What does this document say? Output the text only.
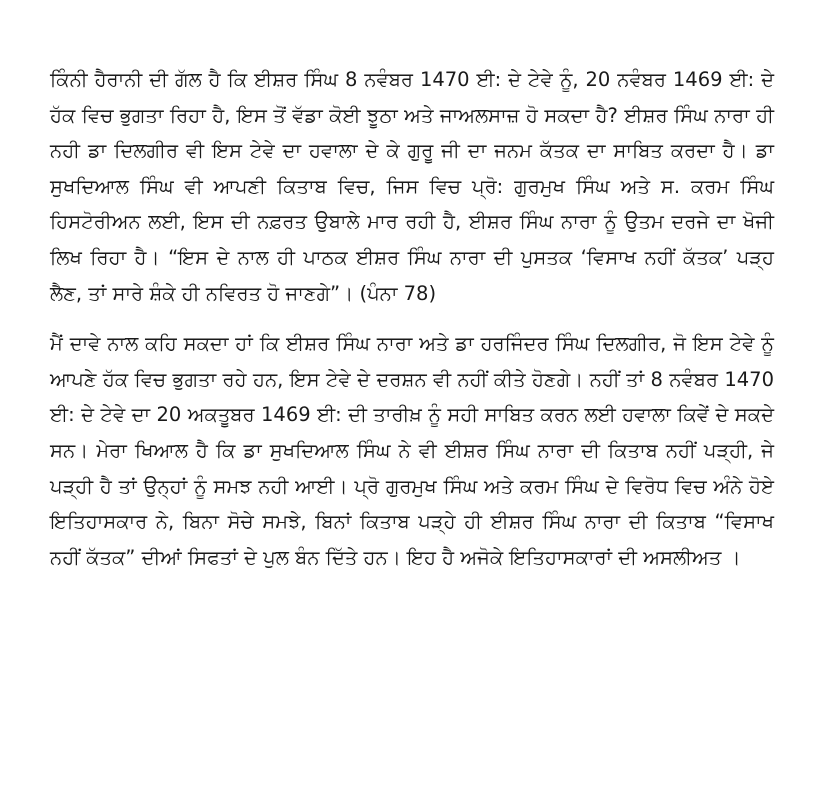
ਕਿੰਨੀ ਹੈਰਾਨੀ ਦੀ ਗੱਲ ਹੈ ਕਿ ਈਸ਼ਰ ਸਿੰਘ 8 ਨਵੰਬਰ 1470 ਈ: ਦੇ ਟੇਵੇ ਨੂੰ, 20 ਨਵੰਬਰ 1469 ਈ: ਦੇ ਹੱਕ ਵਿਚ ਭੁਗਤਾ ਰਿਹਾ ਹੈ, ਇਸ ਤੋਂ ਵੱਡਾ ਕੋਈ ਝੂਠਾ ਅਤੇ ਜਾਅਲਸਾਜ਼ ਹੋ ਸਕਦਾ ਹੈ? ਈਸ਼ਰ ਸਿੰਘ ਨਾਰਾ ਹੀ ਨਹੀ ਡਾ ਦਿਲਗੀਰ ਵੀ ਇਸ ਟੇਵੇ ਦਾ ਹਵਾਲਾ ਦੇ ਕੇ ਗੁਰੂ ਜੀ ਦਾ ਜਨਮ ਕੱਤਕ ਦਾ ਸਾਬਿਤ ਕਰਦਾ ਹੈ। ਡਾ ਸੁਖਦਿਆਲ ਸਿੰਘ ਵੀ ਆਪਣੀ ਕਿਤਾਬ ਵਿਚ, ਜਿਸ ਵਿਚ ਪ੍ਰੋ: ਗੁਰਮੁਖ ਸਿੰਘ ਅਤੇ ਸ. ਕਰਮ ਸਿੰਘ ਹਿਸਟੋਰੀਅਨ ਲਈ, ਇਸ ਦੀ ਨਫ਼ਰਤ ਉਬਾਲੇ ਮਾਰ ਰਹੀ ਹੈ, ਈਸ਼ਰ ਸਿੰਘ ਨਾਰਾ ਨੂੰ ਉਤਮ ਦਰਜੇ ਦਾ ਖੋਜੀ ਲਿਖ ਰਿਹਾ ਹੈ। “ਇਸ ਦੇ ਨਾਲ ਹੀ ਪਾਠਕ ਈਸ਼ਰ ਸਿੰਘ ਨਾਰਾ ਦੀ ਪੁਸਤਕ ‘ਵਿਸਾਖ ਨਹੀਂ ਕੱਤਕ’ ਪੜ੍ਹ ਲੈਣ, ਤਾਂ ਸਾਰੇ ਸ਼ੰਕੇ ਹੀ ਨਵਿਰਤ ਹੋ ਜਾਣਗੇ”। (ਪੰਨਾ 78)

ਮੈਂ ਦਾਵੇ ਨਾਲ ਕਹਿ ਸਕਦਾ ਹਾਂ ਕਿ ਈਸ਼ਰ ਸਿੰਘ ਨਾਰਾ ਅਤੇ ਡਾ ਹਰਜਿੰਦਰ ਸਿੰਘ ਦਿਲਗੀਰ, ਜੋ ਇਸ ਟੇਵੇ ਨੂੰ ਆਪਣੇ ਹੱਕ ਵਿਚ ਭੁਗਤਾ ਰਹੇ ਹਨ, ਇਸ ਟੇਵੇ ਦੇ ਦਰਸ਼ਨ ਵੀ ਨਹੀਂ ਕੀਤੇ ਹੋਣਗੇ। ਨਹੀਂ ਤਾਂ 8 ਨਵੰਬਰ 1470 ਈ: ਦੇ ਟੇਵੇ ਦਾ 20 ਅਕਤੂਬਰ 1469 ਈ: ਦੀ ਤਾਰੀਖ਼ ਨੂੰ ਸਹੀ ਸਾਬਿਤ ਕਰਨ ਲਈ ਹਵਾਲਾ ਕਿਵੇਂ ਦੇ ਸਕਦੇ ਸਨ। ਮੇਰਾ ਖਿਆਲ ਹੈ ਕਿ ਡਾ ਸੁਖਦਿਆਲ ਸਿੰਘ ਨੇ ਵੀ ਈਸ਼ਰ ਸਿੰਘ ਨਾਰਾ ਦੀ ਕਿਤਾਬ ਨਹੀਂ ਪੜ੍ਹੀ, ਜੇ ਪੜ੍ਹੀ ਹੈ ਤਾਂ ਉਨ੍ਹਾਂ ਨੂੰ ਸਮਝ ਨਹੀ ਆਈ। ਪ੍ਰੋ ਗੁਰਮੁਖ ਸਿੰਘ ਅਤੇ ਕਰਮ ਸਿੰਘ ਦੇ ਵਿਰੋਧ ਵਿਚ ਅੰਨੇ ਹੋਏ ਇਤਿਹਾਸਕਾਰ ਨੇ, ਬਿਨਾ ਸੋਚੇ ਸਮਝੇ, ਬਿਨਾਂ ਕਿਤਾਬ ਪੜ੍ਹੇ ਹੀ ਈਸ਼ਰ ਸਿੰਘ ਨਾਰਾ ਦੀ ਕਿਤਾਬ “ਵਿਸਾਖ ਨਹੀਂ ਕੱਤਕ” ਦੀਆਂ ਸਿਫਤਾਂ ਦੇ ਪੁਲ ਬੰਨ ਦਿੱਤੇ ਹਨ। ਇਹ ਹੈ ਅਜੋਕੇ ਇਤਿਹਾਸਕਾਰਾਂ ਦੀ ਅਸਲੀਅਤ ।
